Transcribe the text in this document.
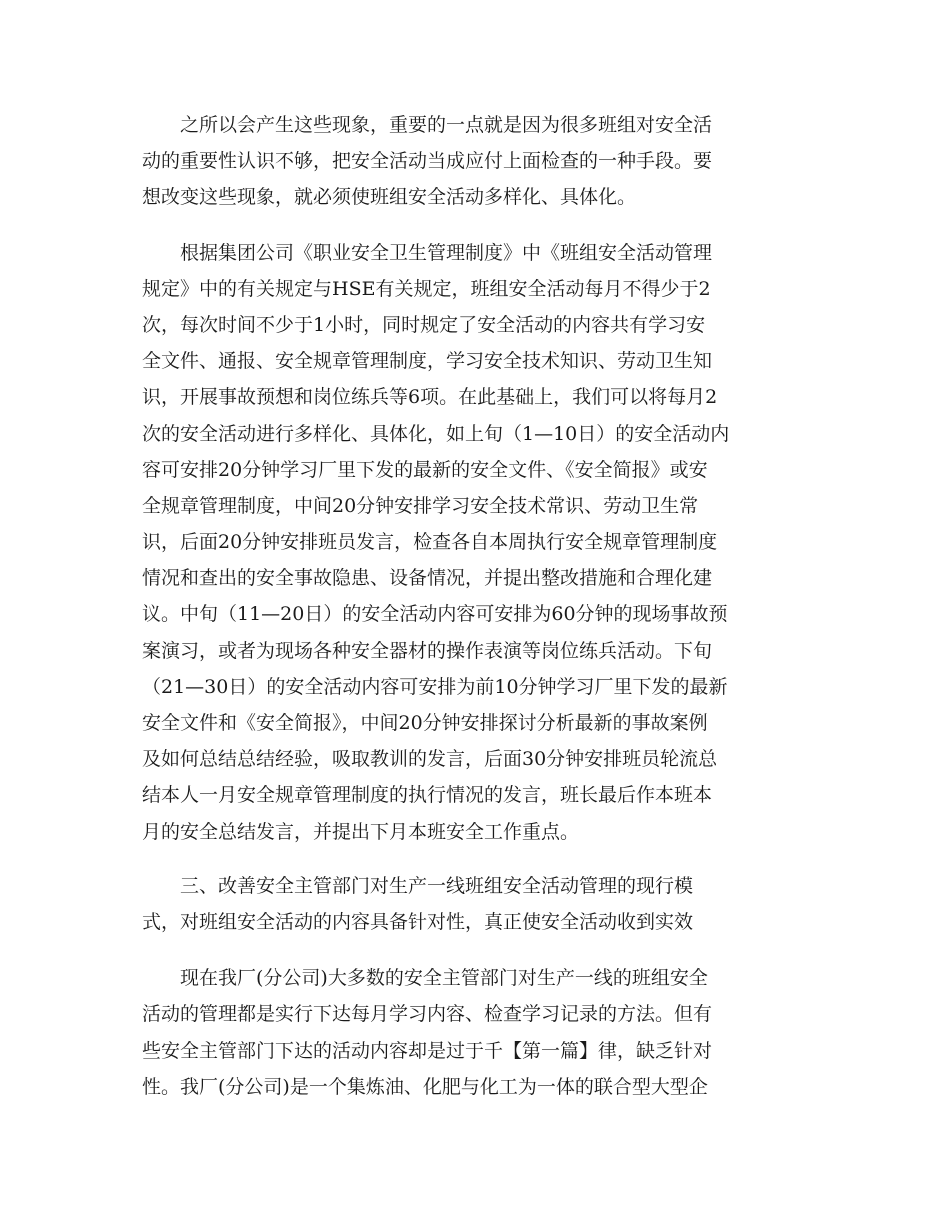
　　之所以会产生这些现象，重要的一点就是因为很多班组对安全活
动的重要性认识不够，把安全活动当成应付上面检查的一种手段。要
想改变这些现象，就必须使班组安全活动多样化、具体化。

　　根据集团公司《职业安全卫生管理制度》中《班组安全活动管理
规定》中的有关规定与HSE有关规定，班组安全活动每月不得少于2
次，每次时间不少于1小时，同时规定了安全活动的内容共有学习安
全文件、通报、安全规章管理制度，学习安全技术知识、劳动卫生知
识，开展事故预想和岗位练兵等6项。在此基础上，我们可以将每月2
次的安全活动进行多样化、具体化，如上旬（1—10日）的安全活动内
容可安排20分钟学习厂里下发的最新的安全文件、《安全简报》或安
全规章管理制度，中间20分钟安排学习安全技术常识、劳动卫生常
识，后面20分钟安排班员发言，检查各自本周执行安全规章管理制度
情况和查出的安全事故隐患、设备情况，并提出整改措施和合理化建
议。中旬（11—20日）的安全活动内容可安排为60分钟的现场事故预
案演习，或者为现场各种安全器材的操作表演等岗位练兵活动。下旬
（21—30日）的安全活动内容可安排为前10分钟学习厂里下发的最新
安全文件和《安全简报》，中间20分钟安排探讨分析最新的事故案例
及如何总结总结经验，吸取教训的发言，后面30分钟安排班员轮流总
结本人一月安全规章管理制度的执行情况的发言，班长最后作本班本
月的安全总结发言，并提出下月本班安全工作重点。

　　三、改善安全主管部门对生产一线班组安全活动管理的现行模
式，对班组安全活动的内容具备针对性，真正使安全活动收到实效

　　现在我厂(分公司)大多数的安全主管部门对生产一线的班组安全
活动的管理都是实行下达每月学习内容、检查学习记录的方法。但有
些安全主管部门下达的活动内容却是过于千【第一篇】律，缺乏针对
性。我厂(分公司)是一个集炼油、化肥与化工为一体的联合型大型企
